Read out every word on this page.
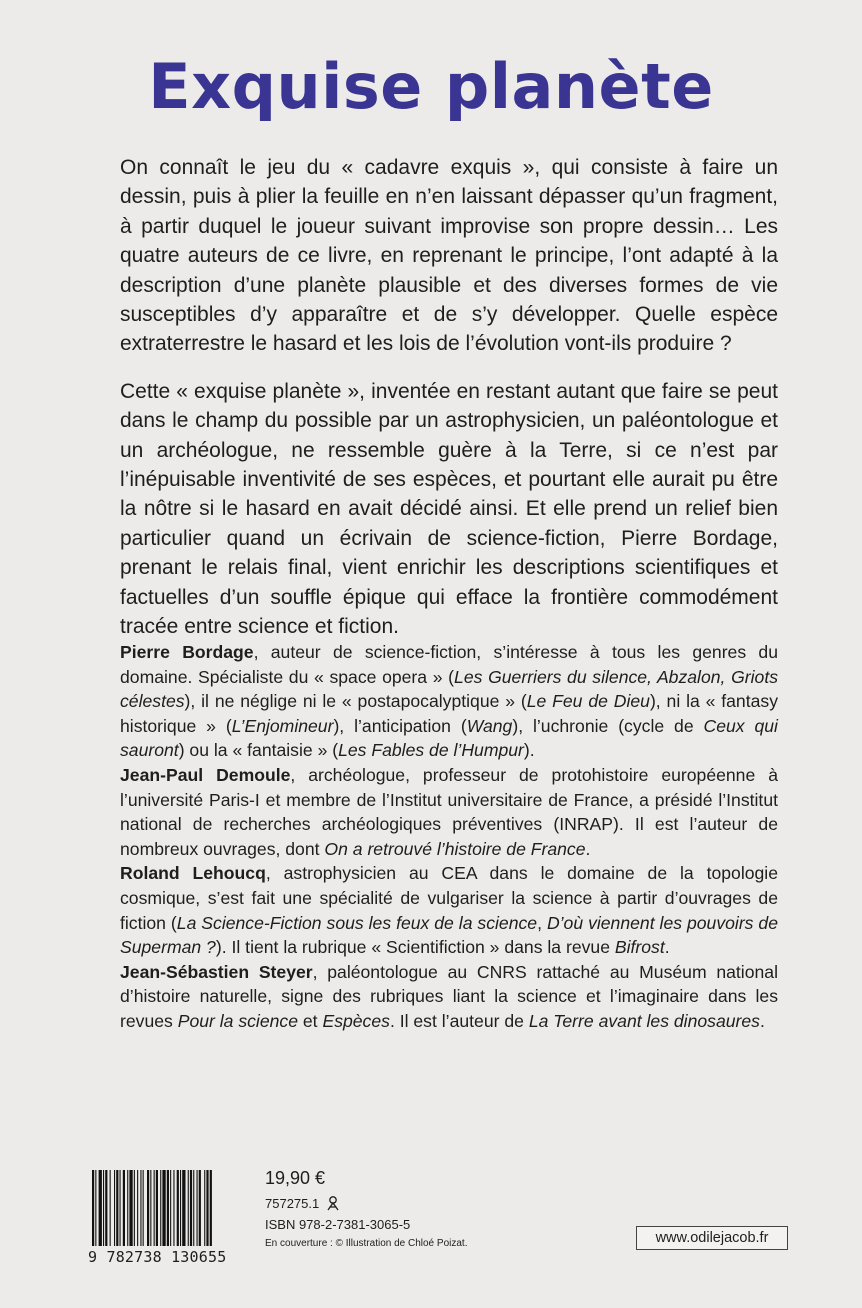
Exquise planète

On connaît le jeu du « cadavre exquis », qui consiste à faire un dessin, puis à plier la feuille en n’en laissant dépasser qu’un fragment, à partir duquel le joueur suivant improvise son propre dessin… Les quatre auteurs de ce livre, en reprenant le principe, l’ont adapté à la description d’une planète plausible et des diverses formes de vie susceptibles d’y apparaître et de s’y développer. Quelle espèce extraterrestre le hasard et les lois de l’évolution vont-ils produire ?

Cette « exquise planète », inventée en restant autant que faire se peut dans le champ du possible par un astrophysicien, un paléontologue et un archéologue, ne ressemble guère à la Terre, si ce n’est par l’inépuisable inventivité de ses espèces, et pourtant elle aurait pu être la nôtre si le hasard en avait décidé ainsi. Et elle prend un relief bien particulier quand un écrivain de science-fiction, Pierre Bordage, prenant le relais final, vient enrichir les descriptions scientifiques et factuelles d’un souffle épique qui efface la frontière commodément tracée entre science et fiction.

Pierre Bordage, auteur de science-fiction, s’intéresse à tous les genres du domaine. Spécialiste du « space opera » (Les Guerriers du silence, Abzalon, Griots célestes), il ne néglige ni le « postapocalyptique » (Le Feu de Dieu), ni la « fantasy historique » (L’Enjomineur), l’anticipation (Wang), l’uchronie (cycle de Ceux qui sauront) ou la « fantaisie » (Les Fables de l’Humpur).

Jean-Paul Demoule, archéologue, professeur de protohistoire européenne à l’université Paris-I et membre de l’Institut universitaire de France, a présidé l’Institut national de recherches archéologiques préventives (INRAP). Il est l’auteur de nombreux ouvrages, dont On a retrouvé l’histoire de France.

Roland Lehoucq, astrophysicien au CEA dans le domaine de la topologie cosmique, s’est fait une spécialité de vulgariser la science à partir d’ouvrages de fiction (La Science-Fiction sous les feux de la science, D’où viennent les pouvoirs de Superman ?). Il tient la rubrique « Scientifiction » dans la revue Bifrost.

Jean-Sébastien Steyer, paléontologue au CNRS rattaché au Muséum national d’histoire naturelle, signe des rubriques liant la science et l’imaginaire dans les revues Pour la science et Espèces. Il est l’auteur de La Terre avant les dinosaures.

9 782738 130655
19,90 €
757275.1
ISBN 978-2-7381-3065-5
En couverture : © Illustration de Chloé Poizat.	www.odilejacob.fr
